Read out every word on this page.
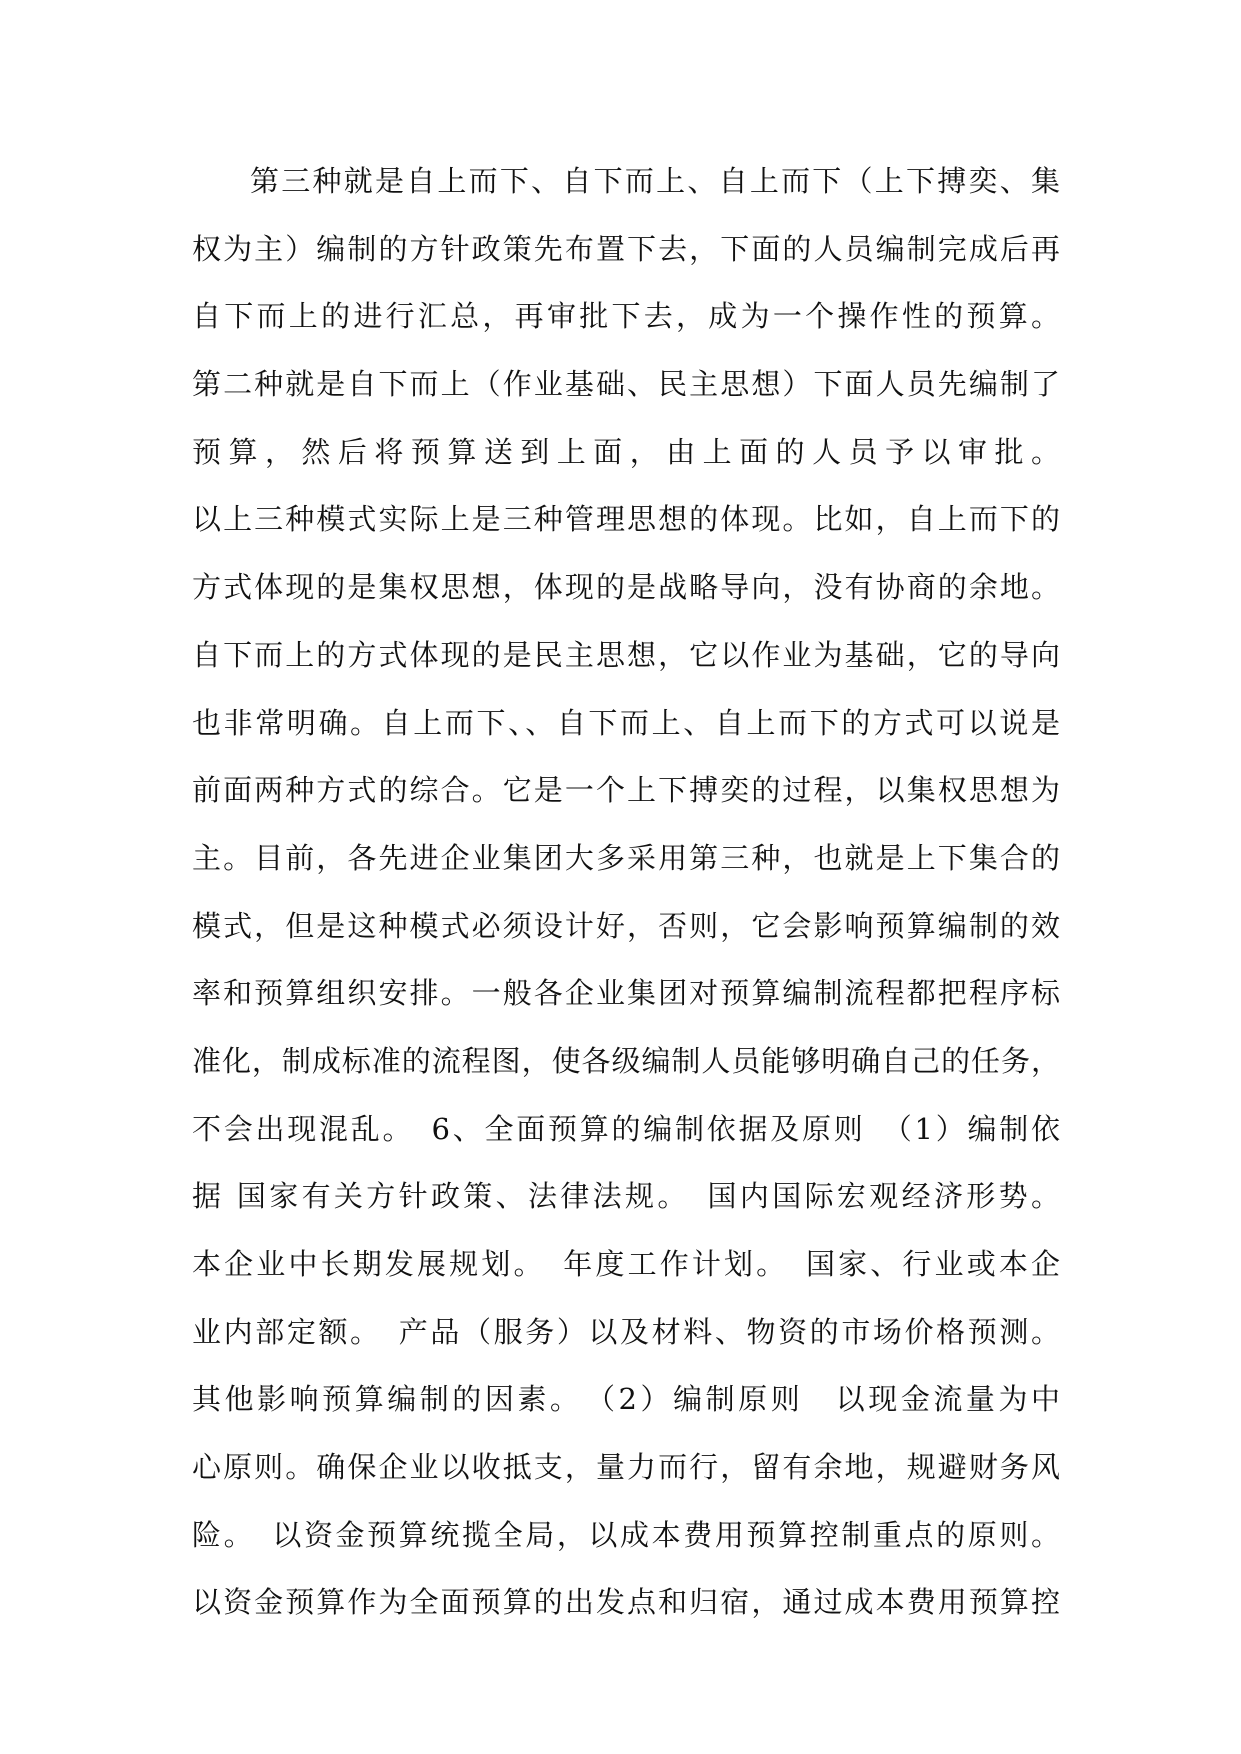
第三种就是自上而下、自下而上、自上而下（上下搏奕、集
权为主）编制的方针政策先布置下去，下面的人员编制完成后再
自下而上的进行汇总，再审批下去，成为一个操作性的预算。
第二种就是自下而上（作业基础、民主思想）下面人员先编制了
预算，然后将预算送到上面，由上面的人员予以审批。
以上三种模式实际上是三种管理思想的体现。比如，自上而下的
方式体现的是集权思想，体现的是战略导向，没有协商的余地。
自下而上的方式体现的是民主思想，它以作业为基础，它的导向
也非常明确。自上而下、、自下而上、自上而下的方式可以说是
前面两种方式的综合。它是一个上下搏奕的过程，以集权思想为
主。目前，各先进企业集团大多采用第三种，也就是上下集合的
模式，但是这种模式必须设计好，否则，它会影响预算编制的效
率和预算组织安排。一般各企业集团对预算编制流程都把程序标
准化，制成标准的流程图，使各级编制人员能够明确自己的任务，
不会出现混乱。　6、全面预算的编制依据及原则　（1）编制依
据 国家有关方针政策、法律法规。　国内国际宏观经济形势。
本企业中长期发展规划。　年度工作计划。　国家、行业或本企
业内部定额。　产品（服务）以及材料、物资的市场价格预测。
其他影响预算编制的因素。　（2）编制原则　以现金流量为中
心原则。确保企业以收抵支，量力而行，留有余地，规避财务风
险。　以资金预算统揽全局，以成本费用预算控制重点的原则。
以资金预算作为全面预算的出发点和归宿，通过成本费用预算控
